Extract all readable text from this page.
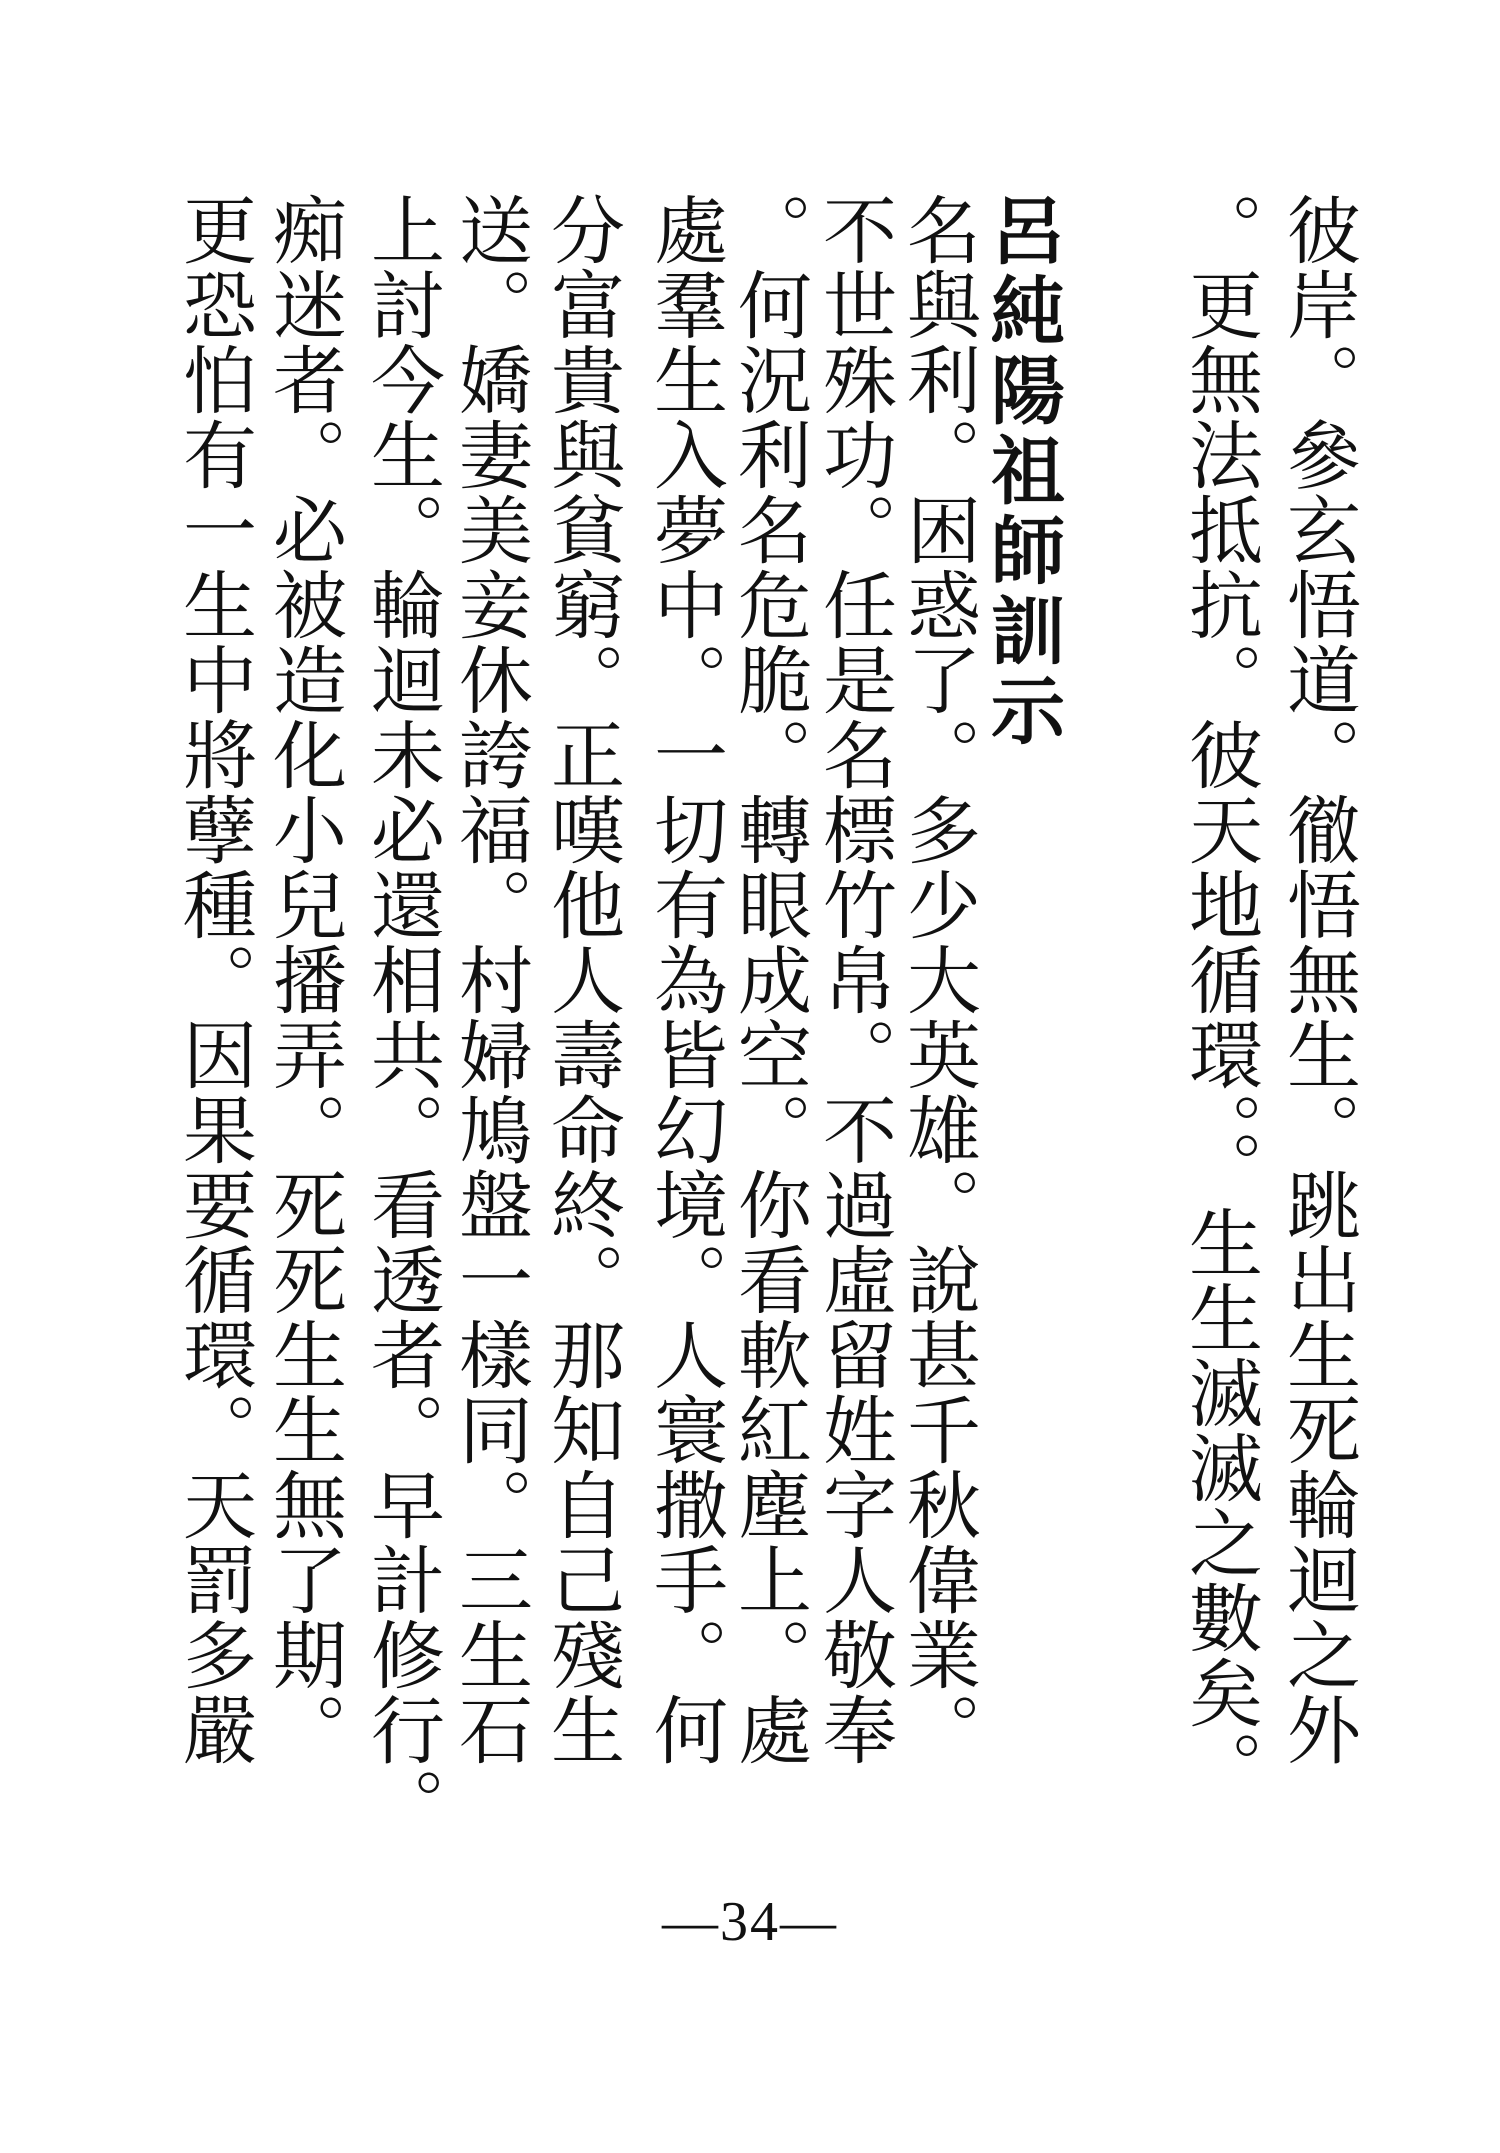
彼岸。參玄悟道。徹悟無生。跳出生死輪迴之外

。更無法抵抗。彼天地循環。。生生滅滅之數矣。

呂純陽祖師訓示

名與利。困惑了。多少大英雄。說甚千秋偉業。

不世殊功。任是名標竹帛。不過虛留姓字人敬奉

。何況利名危脆。轉眼成空。你看軟紅塵上。處

處羣生入夢中。一切有為皆幻境。人寰撒手。何

分富貴與貧窮。正嘆他人壽命終。那知自己殘生

送。嬌妻美妾休誇福。村婦鳩盤一樣同。三生石

上討今生。輪迴未必還相共。看透者。早計修行。

痴迷者。必被造化小兒播弄。死死生生無了期。

更恐怕有一生中將孽種。因果要循環。天罰多嚴

—34—
